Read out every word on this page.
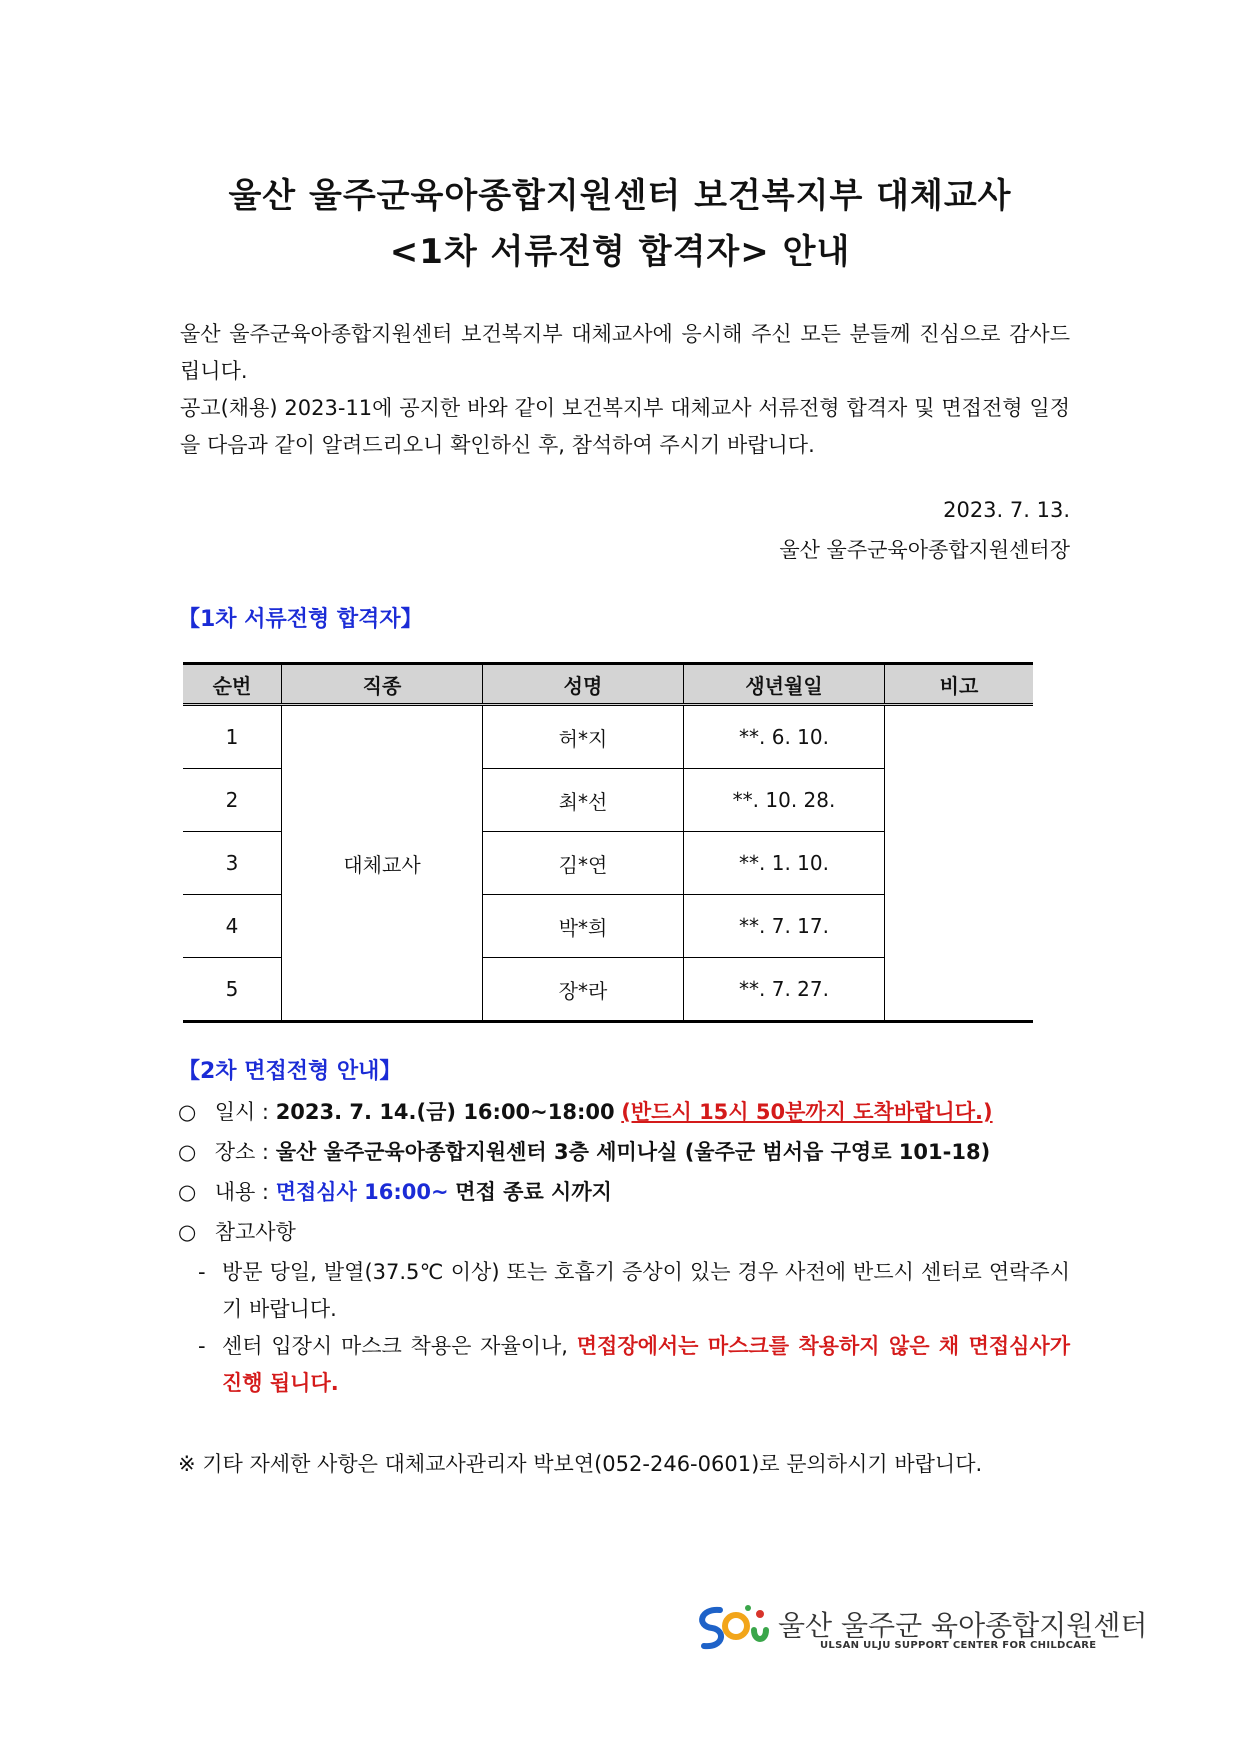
울산 울주군육아종합지원센터 보건복지부 대체교사
<1차 서류전형 합격자> 안내
울산 울주군육아종합지원센터 보건복지부 대체교사에 응시해 주신 모든 분들께 진심으로 감사드립니다.
공고(채용) 2023-11에 공지한 바와 같이 보건복지부 대체교사 서류전형 합격자 및 면접전형 일정을 다음과 같이 알려드리오니 확인하신 후, 참석하여 주시기 바랍니다.
2023. 7. 13.
울산 울주군육아종합지원센터장
【1차 서류전형 합격자】
순번	직종	성명	생년월일	비고
1	대체교사	허*지	**. 6. 10.	
2		최*선	**. 10. 28.	
3		김*연	**. 1. 10.	
4		박*희	**. 7. 17.	
5		장*라	**. 7. 27.	
【2차 면접전형 안내】
○ 일시 : 2023. 7. 14.(금) 16:00~18:00 (반드시 15시 50분까지 도착바랍니다.)
○ 장소 : 울산 울주군육아종합지원센터 3층 세미나실 (울주군 범서읍 구영로 101-18)
○ 내용 : 면접심사 16:00~ 면접 종료 시까지
○ 참고사항
- 방문 당일, 발열(37.5℃ 이상) 또는 호흡기 증상이 있는 경우 사전에 반드시 센터로 연락주시기 바랍니다.
- 센터 입장시 마스크 착용은 자율이나, 면접장에서는 마스크를 착용하지 않은 채 면접심사가 진행 됩니다.
※ 기타 자세한 사항은 대체교사관리자 박보연(052-246-0601)로 문의하시기 바랍니다.
울산 울주군 육아종합지원센터
ULSAN ULJU SUPPORT CENTER FOR CHILDCARE
